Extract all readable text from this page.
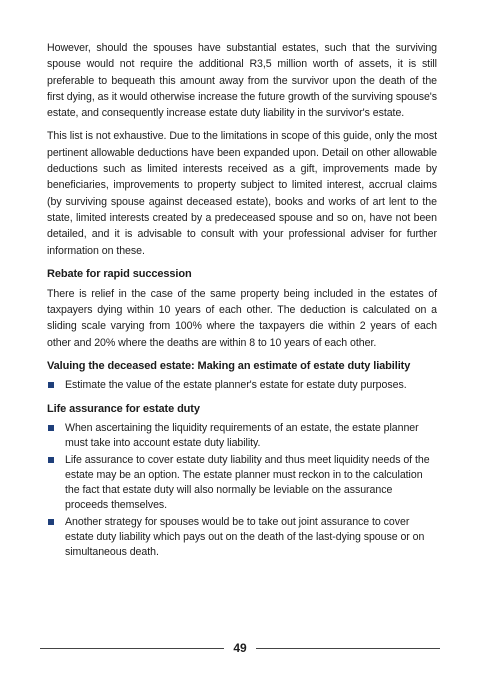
However, should the spouses have substantial estates, such that the surviving spouse would not require the additional R3,5 million worth of assets, it is still preferable to bequeath this amount away from the survivor upon the death of the first dying, as it would otherwise increase the future growth of the surviving spouse's estate, and consequently increase estate duty liability in the survivor's estate.

This list is not exhaustive. Due to the limitations in scope of this guide, only the most pertinent allowable deductions have been expanded upon. Detail on other allowable deductions such as limited interests received as a gift, improvements made by beneficiaries, improvements to property subject to limited interest, accrual claims (by surviving spouse against deceased estate), books and works of art lent to the state, limited interests created by a predeceased spouse and so on, have not been detailed, and it is advisable to consult with your professional adviser for further information on these.

Rebate for rapid succession

There is relief in the case of the same property being included in the estates of taxpayers dying within 10 years of each other. The deduction is calculated on a sliding scale varying from 100% where the taxpayers die within 2 years of each other and 20% where the deaths are within 8 to 10 years of each other.

Valuing the deceased estate: Making an estimate of estate duty liability
Estimate the value of the estate planner's estate for estate duty purposes.
Life assurance for estate duty
When ascertaining the liquidity requirements of an estate, the estate planner must take into account estate duty liability.
Life assurance to cover estate duty liability and thus meet liquidity needs of the estate may be an option. The estate planner must reckon in to the calculation the fact that estate duty will also normally be leviable on the assurance proceeds themselves.
Another strategy for spouses would be to take out joint assurance to cover estate duty liability which pays out on the death of the last-dying spouse or on simultaneous death.
49
